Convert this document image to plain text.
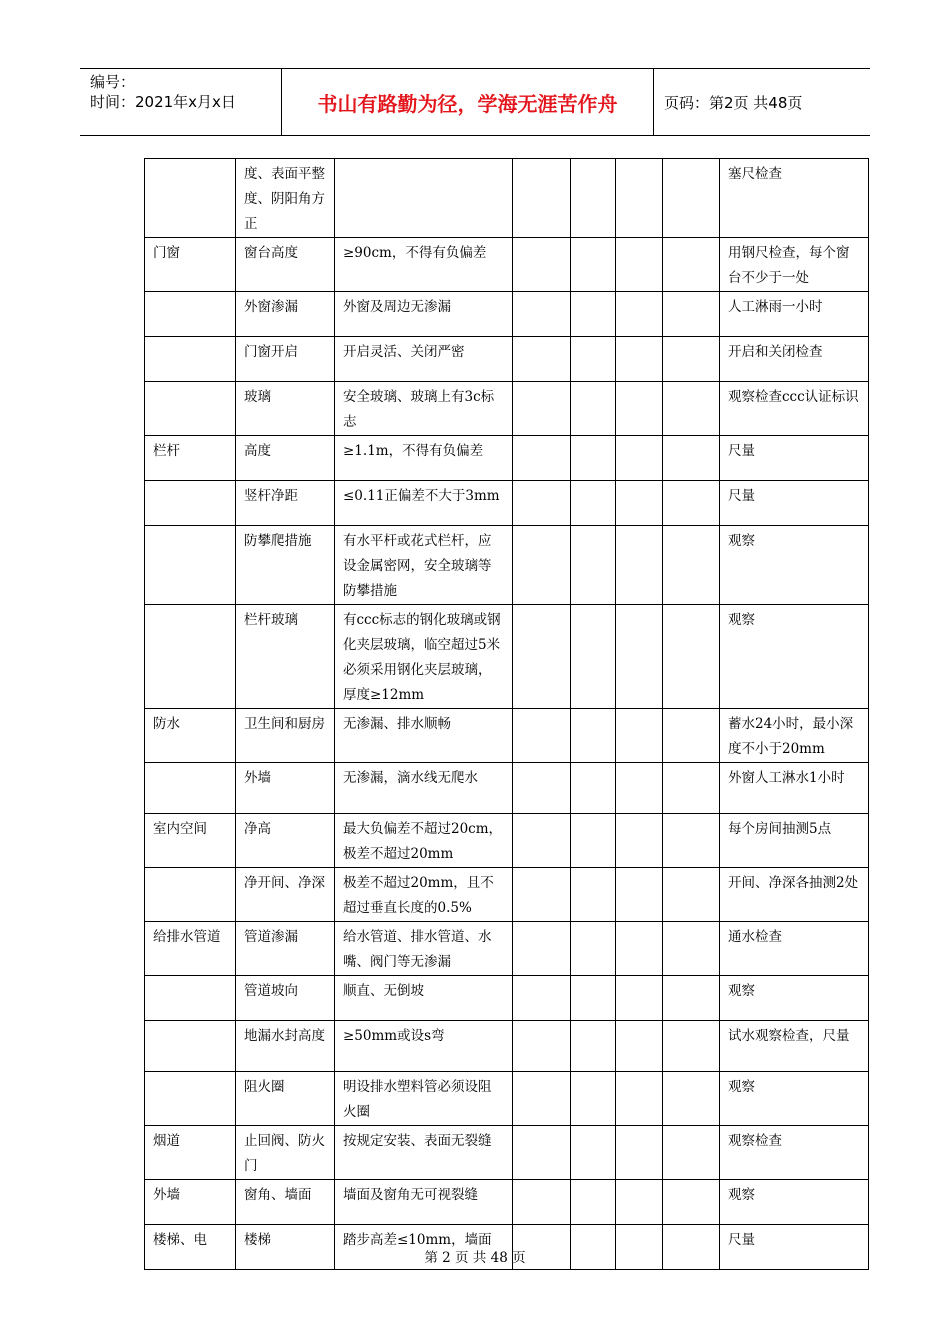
编号：
时间：2021年x月x日	书山有路勤为径，学海无涯苦作舟	页码：第2页 共48页
	度、表面平整度、阴阳角方正						塞尺检查
门窗	窗台高度	≥90cm，不得有负偏差					用钢尺检查，每个窗台不少于一处
	外窗渗漏	外窗及周边无渗漏					人工淋雨一小时
	门窗开启	开启灵活、关闭严密					开启和关闭检查
	玻璃	安全玻璃、玻璃上有3c标志					观察检查ccc认证标识
栏杆	高度	≥1.1m，不得有负偏差					尺量
	竖杆净距	≤0.11正偏差不大于3mm					尺量
	防攀爬措施	有水平杆或花式栏杆，应设金属密网，安全玻璃等防攀措施					观察
	栏杆玻璃	有ccc标志的钢化玻璃或钢化夹层玻璃，临空超过5米必须采用钢化夹层玻璃，厚度≥12mm					观察
防水	卫生间和厨房	无渗漏、排水顺畅					蓄水24小时，最小深度不小于20mm
	外墙	无渗漏，滴水线无爬水					外窗人工淋水1小时
室内空间	净高	最大负偏差不超过20cm，极差不超过20mm					每个房间抽测5点
	净开间、净深	极差不超过20mm，且不超过垂直长度的0.5%					开间、净深各抽测2处
给排水管道	管道渗漏	给水管道、排水管道、水嘴、阀门等无渗漏					通水检查
	管道坡向	顺直、无倒坡					观察
	地漏水封高度	≥50mm或设s弯					试水观察检查，尺量
	阻火圈	明设排水塑料管必须设阻火圈					观察
烟道	止回阀、防火门	按规定安装、表面无裂缝					观察检查
外墙	窗角、墙面	墙面及窗角无可视裂缝					观察
楼梯、电	楼梯	踏步高差≤10mm，墙面					尺量
第 2 页 共 48 页
